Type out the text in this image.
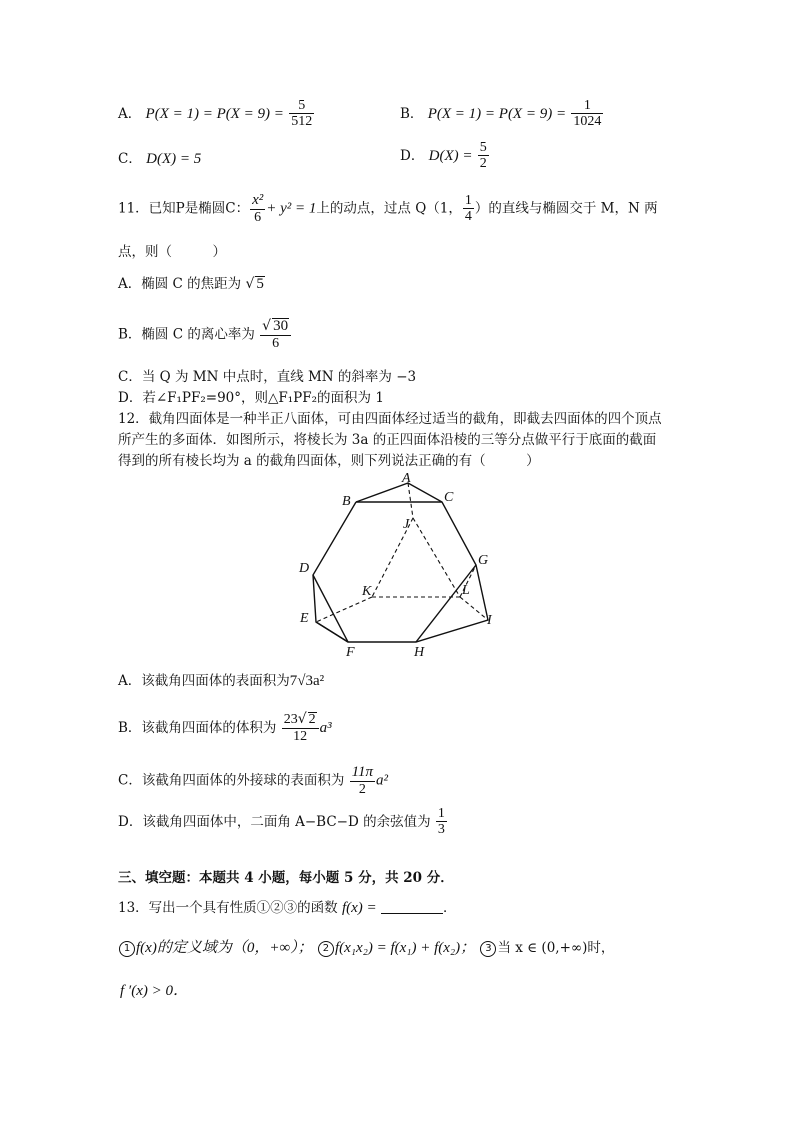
A． $P(X = 1) = P(X = 9) = \frac{5}{512}$	B． $P(X = 1) = P(X = 9) = \frac{1}{1024}$
C． D(X) = 5	D． $D(X) = \frac{5}{2}$
11．已知P是椭圆C： $\frac{\text{x²}}{6} + y^2 = 1$上的动点，过点 Q（1， $\frac{1}{4}$ ）的直线与椭圆交于 M，N 两
点，则（　　　）
A．椭圆 C 的焦距为 √ 5
B．椭圆 C 的离心率为 $\frac{√ 30}{6}$
C．当 Q 为 MN 中点时，直线 MN 的斜率为 −3
D．若∠F₁PF₂=90°，则△F₁PF₂的面积为 1
12．截角四面体是一种半正八面体，可由四面体经过适当的截角，即截去四面体的四个顶点
所产生的多面体．如图所示，将棱长为 3a 的正四面体沿棱的三等分点做平行于底面的截面
得到的所有棱长均为 a 的截角四面体，则下列说法正确的有（　　　）
A
B	C
J
D
G
K	L
E	I
F	H
A．该截角四面体的表面积为7√3a²
B．该截角四面体的体积为 $\frac{23√ 2}{12} a^3$
C．该截角四面体的外接球的表面积为 $\frac{11\pi}{2} a^2$
D．该截角四面体中，二面角 A−BC−D 的余弦值为 $\frac{1}{3}$
三、填空题：本题共 4 小题，每小题 5 分，共 20 分．
13．写出一个具有性质①②③的函数 f(x) =	．
1 f(x)的定义域为（0，+∞）； 2 f(x₁x₂) = f(x₁) + f(x₂)； 3 当 x ∈ (0,+∞)时，
f ′(x) > 0．
